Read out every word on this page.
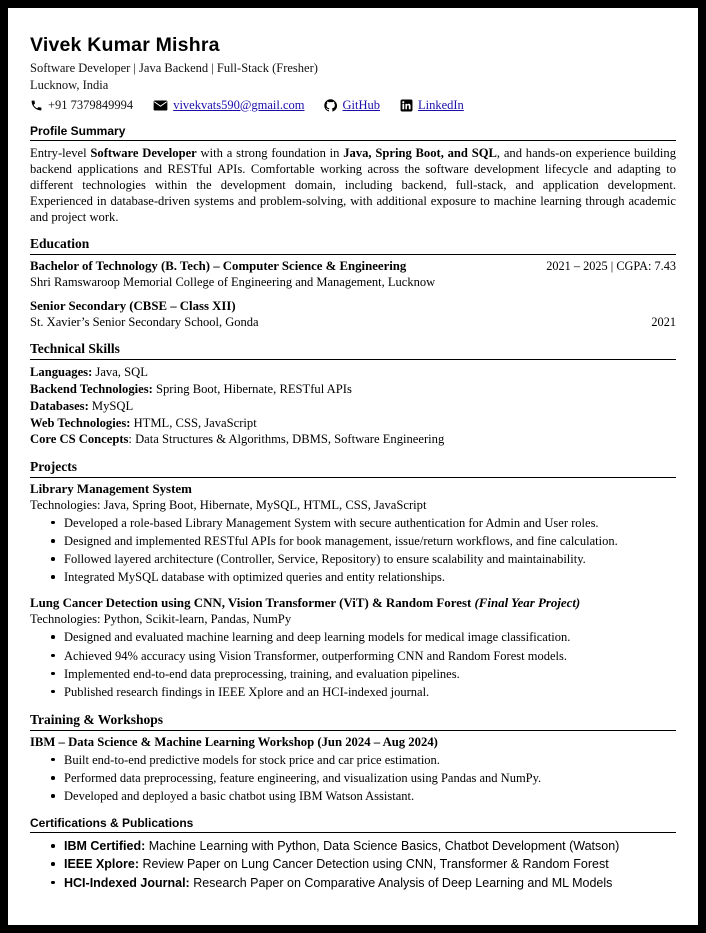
Vivek Kumar Mishra
Software Developer | Java Backend | Full-Stack (Fresher)
Lucknow, India
+91 7379849994	vivekvats590@gmail.com	GitHub	LinkedIn
Profile Summary

Entry-level Software Developer with a strong foundation in Java, Spring Boot, and SQL, and hands-on experience building backend applications and RESTful APIs. Comfortable working across the software development lifecycle and adapting to different technologies within the development domain, including backend, full-stack, and application development. Experienced in database-driven systems and problem-solving, with additional exposure to machine learning through academic and project work.

Education
Bachelor of Technology (B. Tech) – Computer Science & Engineering	2021 – 2025 | CGPA: 7.43
Shri Ramswaroop Memorial College of Engineering and Management, Lucknow
Senior Secondary (CBSE – Class XII)
St. Xavier’s Senior Secondary School, Gonda	2021
Technical Skills
Languages: Java, SQL
Backend Technologies: Spring Boot, Hibernate, RESTful APIs
Databases: MySQL
Web Technologies: HTML, CSS, JavaScript
Core CS Concepts: Data Structures & Algorithms, DBMS, Software Engineering
Projects
Library Management System
Technologies: Java, Spring Boot, Hibernate, MySQL, HTML, CSS, JavaScript
Developed a role-based Library Management System with secure authentication for Admin and User roles.
Designed and implemented RESTful APIs for book management, issue/return workflows, and fine calculation.
Followed layered architecture (Controller, Service, Repository) to ensure scalability and maintainability.
Integrated MySQL database with optimized queries and entity relationships.
Lung Cancer Detection using CNN, Vision Transformer (ViT) & Random Forest (Final Year Project)
Technologies: Python, Scikit-learn, Pandas, NumPy
Designed and evaluated machine learning and deep learning models for medical image classification.
Achieved 94% accuracy using Vision Transformer, outperforming CNN and Random Forest models.
Implemented end-to-end data preprocessing, training, and evaluation pipelines.
Published research findings in IEEE Xplore and an HCI-indexed journal.
Training & Workshops
IBM – Data Science & Machine Learning Workshop (Jun 2024 – Aug 2024)
Built end-to-end predictive models for stock price and car price estimation.
Performed data preprocessing, feature engineering, and visualization using Pandas and NumPy.
Developed and deployed a basic chatbot using IBM Watson Assistant.
Certifications & Publications
IBM Certified: Machine Learning with Python, Data Science Basics, Chatbot Development (Watson)
IEEE Xplore: Review Paper on Lung Cancer Detection using CNN, Transformer & Random Forest
HCI-Indexed Journal: Research Paper on Comparative Analysis of Deep Learning and ML Models
